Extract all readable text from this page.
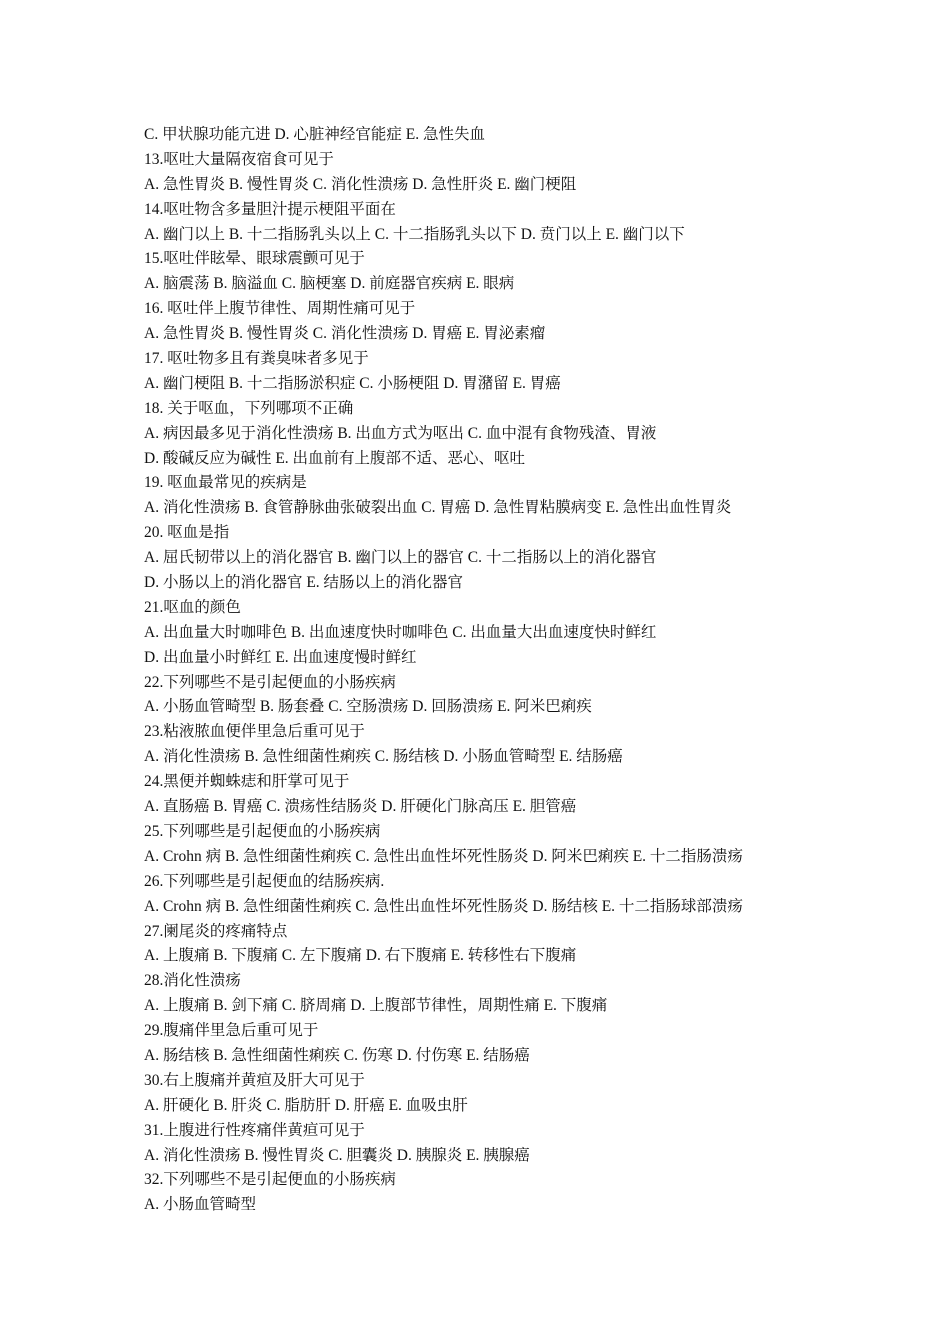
C. 甲状腺功能亢进 D. 心脏神经官能症 E. 急性失血
13.呕吐大量隔夜宿食可见于
A. 急性胃炎 B. 慢性胃炎 C. 消化性溃疡 D. 急性肝炎 E. 幽门梗阻
14.呕吐物含多量胆汁提示梗阻平面在
A. 幽门以上 B. 十二指肠乳头以上 C. 十二指肠乳头以下 D. 贲门以上 E. 幽门以下
15.呕吐伴眩晕、眼球震颤可见于
A. 脑震荡 B. 脑溢血 C. 脑梗塞 D. 前庭器官疾病 E. 眼病
16. 呕吐伴上腹节律性、周期性痛可见于
A. 急性胃炎 B. 慢性胃炎 C. 消化性溃疡 D. 胃癌 E. 胃泌素瘤
17. 呕吐物多且有粪臭味者多见于
A. 幽门梗阻 B. 十二指肠淤积症 C. 小肠梗阻 D. 胃潴留 E. 胃癌
18. 关于呕血，下列哪项不正确
A. 病因最多见于消化性溃疡 B. 出血方式为呕出 C. 血中混有食物残渣、胃液
D. 酸碱反应为碱性 E. 出血前有上腹部不适、恶心、呕吐
19. 呕血最常见的疾病是
A. 消化性溃疡 B. 食管静脉曲张破裂出血 C. 胃癌 D. 急性胃粘膜病变 E. 急性出血性胃炎
20. 呕血是指
A. 屈氏韧带以上的消化器官 B. 幽门以上的器官 C. 十二指肠以上的消化器官
D. 小肠以上的消化器官 E. 结肠以上的消化器官
21.呕血的颜色
A. 出血量大时咖啡色 B. 出血速度快时咖啡色 C. 出血量大出血速度快时鲜红
D. 出血量小时鲜红 E. 出血速度慢时鲜红
22.下列哪些不是引起便血的小肠疾病
A. 小肠血管畸型 B. 肠套叠 C. 空肠溃疡 D. 回肠溃疡 E. 阿米巴痢疾
23.粘液脓血便伴里急后重可见于
A. 消化性溃疡 B. 急性细菌性痢疾 C. 肠结核 D. 小肠血管畸型 E. 结肠癌
24.黑便并蜘蛛痣和肝掌可见于
A. 直肠癌 B. 胃癌 C. 溃疡性结肠炎 D. 肝硬化门脉高压 E. 胆管癌
25.下列哪些是引起便血的小肠疾病
A. Crohn 病 B. 急性细菌性痢疾 C. 急性出血性坏死性肠炎 D. 阿米巴痢疾 E. 十二指肠溃疡
26.下列哪些是引起便血的结肠疾病.
A. Crohn 病 B. 急性细菌性痢疾 C. 急性出血性坏死性肠炎 D. 肠结核 E. 十二指肠球部溃疡
27.阑尾炎的疼痛特点
A. 上腹痛 B. 下腹痛 C. 左下腹痛 D. 右下腹痛 E. 转移性右下腹痛
28.消化性溃疡
A. 上腹痛 B. 剑下痛 C. 脐周痛 D. 上腹部节律性，周期性痛 E. 下腹痛
29.腹痛伴里急后重可见于
A. 肠结核 B. 急性细菌性痢疾 C. 伤寒 D. 付伤寒 E. 结肠癌
30.右上腹痛并黄疸及肝大可见于
A. 肝硬化 B. 肝炎 C. 脂肪肝 D. 肝癌 E. 血吸虫肝
31.上腹进行性疼痛伴黄疸可见于
A. 消化性溃疡 B. 慢性胃炎 C. 胆囊炎 D. 胰腺炎 E. 胰腺癌
32.下列哪些不是引起便血的小肠疾病
A. 小肠血管畸型
